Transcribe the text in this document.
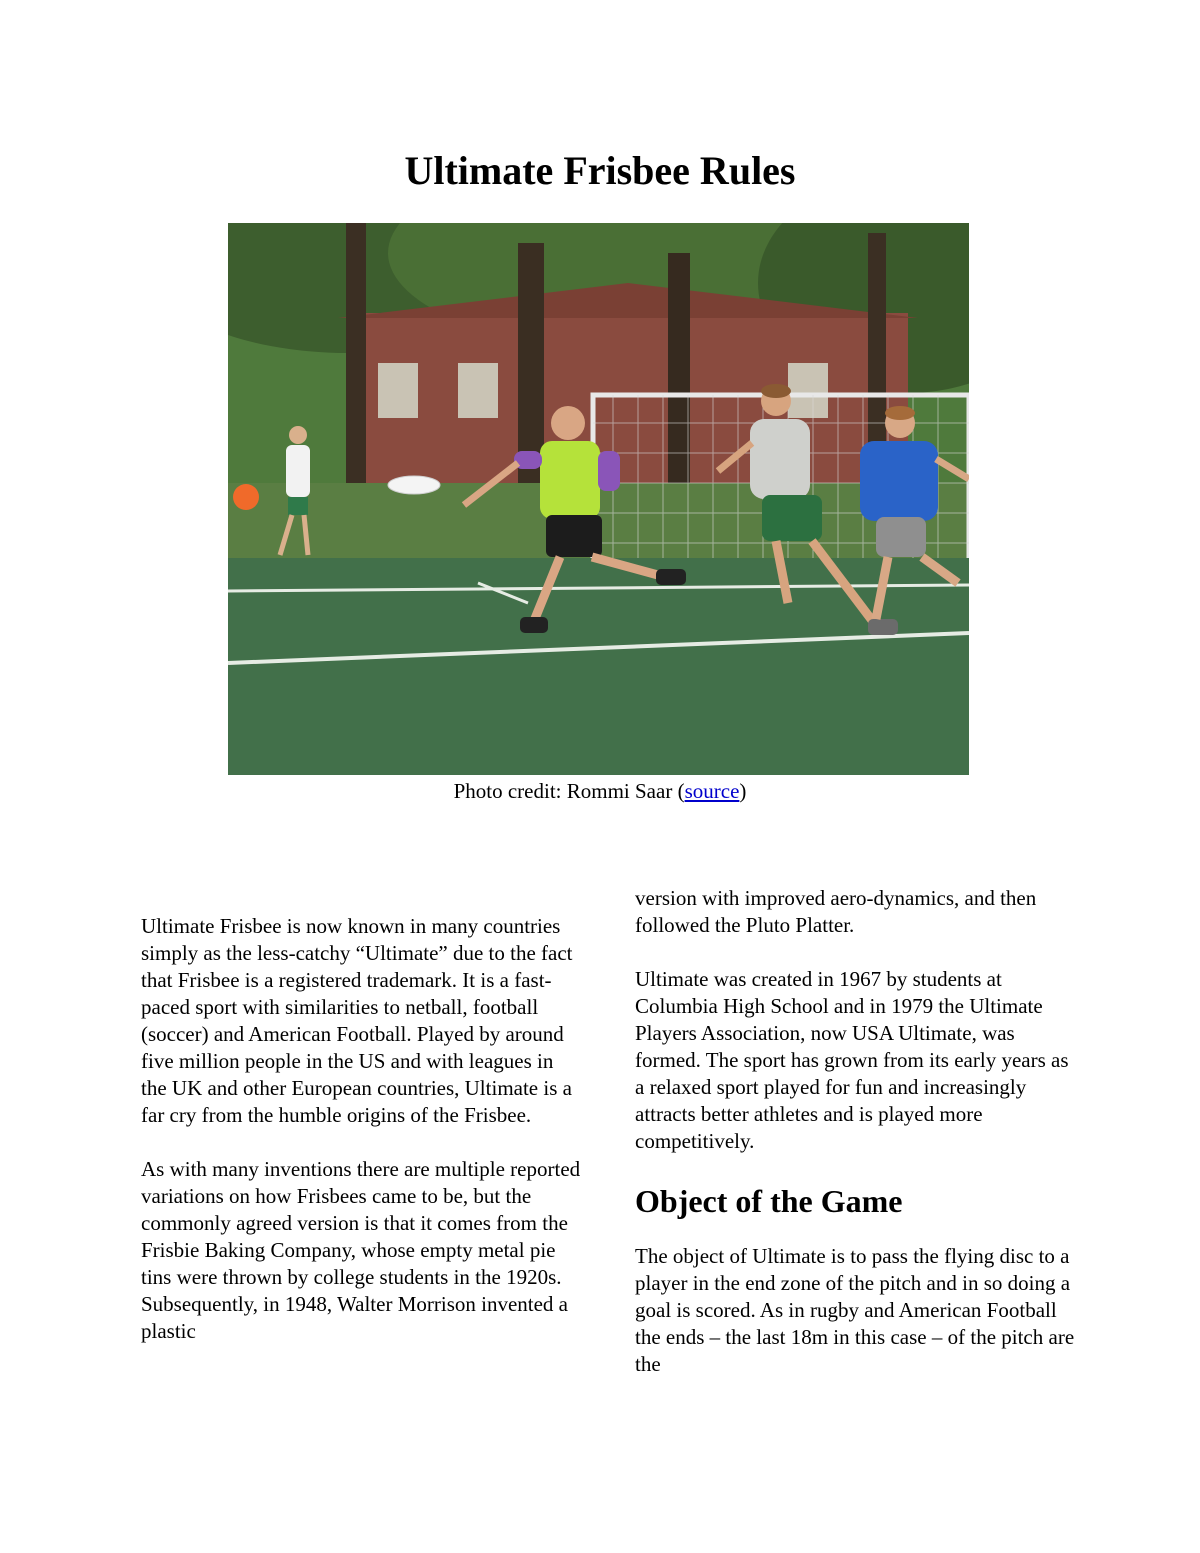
Ultimate Frisbee Rules
Photo credit: Rommi Saar (source)

Ultimate Frisbee is now known in many countries simply as the less-catchy “Ultimate” due to the fact that Frisbee is a registered trademark. It is a fast-paced sport with similarities to netball, football (soccer) and American Football. Played by around five million people in the US and with leagues in the UK and other European countries, Ultimate is a far cry from the humble origins of the Frisbee.

As with many inventions there are multiple reported variations on how Frisbees came to be, but the commonly agreed version is that it comes from the Frisbie Baking Company, whose empty metal pie tins were thrown by college students in the 1920s. Subsequently, in 1948, Walter Morrison invented a plastic

version with improved aero-dynamics, and then followed the Pluto Platter.

Ultimate was created in 1967 by students at Columbia High School and in 1979 the Ultimate Players Association, now USA Ultimate, was formed. The sport has grown from its early years as a relaxed sport played for fun and increasingly attracts better athletes and is played more competitively.

Object of the Game

The object of Ultimate is to pass the flying disc to a player in the end zone of the pitch and in so doing a goal is scored. As in rugby and American Football the ends – the last 18m in this case – of the pitch are the
